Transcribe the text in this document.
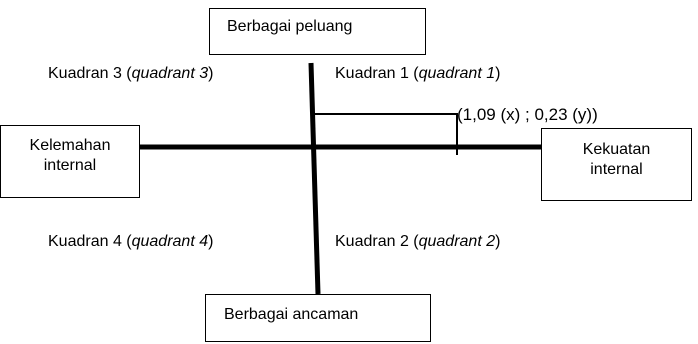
Berbagai peluang
Berbagai ancaman
Kelemahan
internal
Kekuatan
internal
Kuadran 3 (quadrant 3)	Kuadran 1 (quadrant 1)
Kuadran 4 (quadrant 4)	Kuadran 2 (quadrant 2)
(1,09 (x) ; 0,23 (y))
